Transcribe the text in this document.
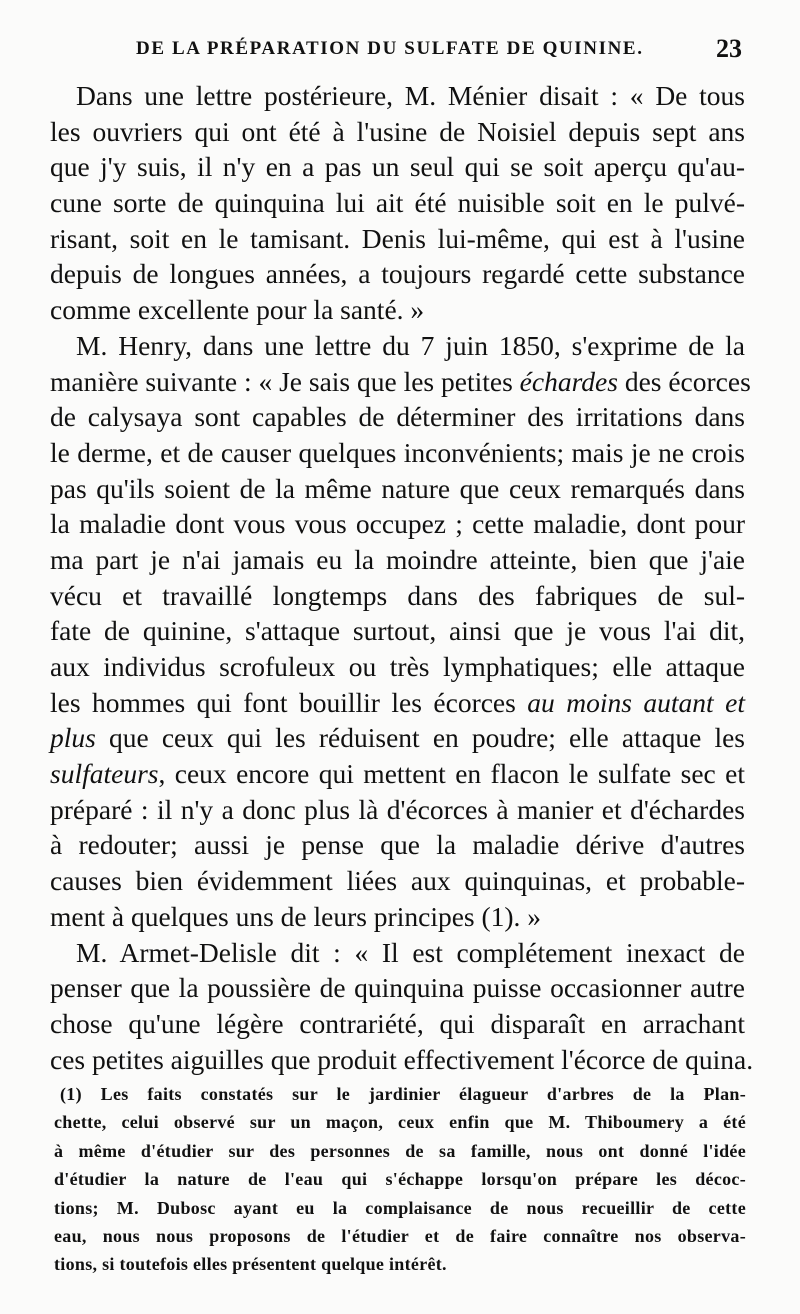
DE LA PRÉPARATION DU SULFATE DE QUININE.	23
Dans une lettre postérieure, M. Ménier disait : « De tous
les ouvriers qui ont été à l'usine de Noisiel depuis sept ans
que j'y suis, il n'y en a pas un seul qui se soit aperçu qu'au-
cune sorte de quinquina lui ait été nuisible soit en le pulvé-
risant, soit en le tamisant. Denis lui-même, qui est à l'usine
depuis de longues années, a toujours regardé cette substance
comme excellente pour la santé. »
M. Henry, dans une lettre du 7 juin 1850, s'exprime de la
manière suivante : « Je sais que les petites échardes des écorces
de calysaya sont capables de déterminer des irritations dans
le derme, et de causer quelques inconvénients; mais je ne crois
pas qu'ils soient de la même nature que ceux remarqués dans
la maladie dont vous vous occupez ; cette maladie, dont pour
ma part je n'ai jamais eu la moindre atteinte, bien que j'aie
vécu et travaillé longtemps dans des fabriques de sul-
fate de quinine, s'attaque surtout, ainsi que je vous l'ai dit,
aux individus scrofuleux ou très lymphatiques; elle attaque
les hommes qui font bouillir les écorces au moins autant et
plus que ceux qui les réduisent en poudre; elle attaque les
sulfateurs, ceux encore qui mettent en flacon le sulfate sec et
préparé : il n'y a donc plus là d'écorces à manier et d'échardes
à redouter; aussi je pense que la maladie dérive d'autres
causes bien évidemment liées aux quinquinas, et probable-
ment à quelques uns de leurs principes (1). »
M. Armet-Delisle dit : « Il est complétement inexact de
penser que la poussière de quinquina puisse occasionner autre
chose qu'une légère contrariété, qui disparaît en arrachant
ces petites aiguilles que produit effectivement l'écorce de quina.
(1) Les faits constatés sur le jardinier élagueur d'arbres de la Plan-
chette, celui observé sur un maçon, ceux enfin que M. Thiboumery a été
à même d'étudier sur des personnes de sa famille, nous ont donné l'idée
d'étudier la nature de l'eau qui s'échappe lorsqu'on prépare les décoc-
tions; M. Dubosc ayant eu la complaisance de nous recueillir de cette
eau, nous nous proposons de l'étudier et de faire connaître nos observa-
tions, si toutefois elles présentent quelque intérêt.
